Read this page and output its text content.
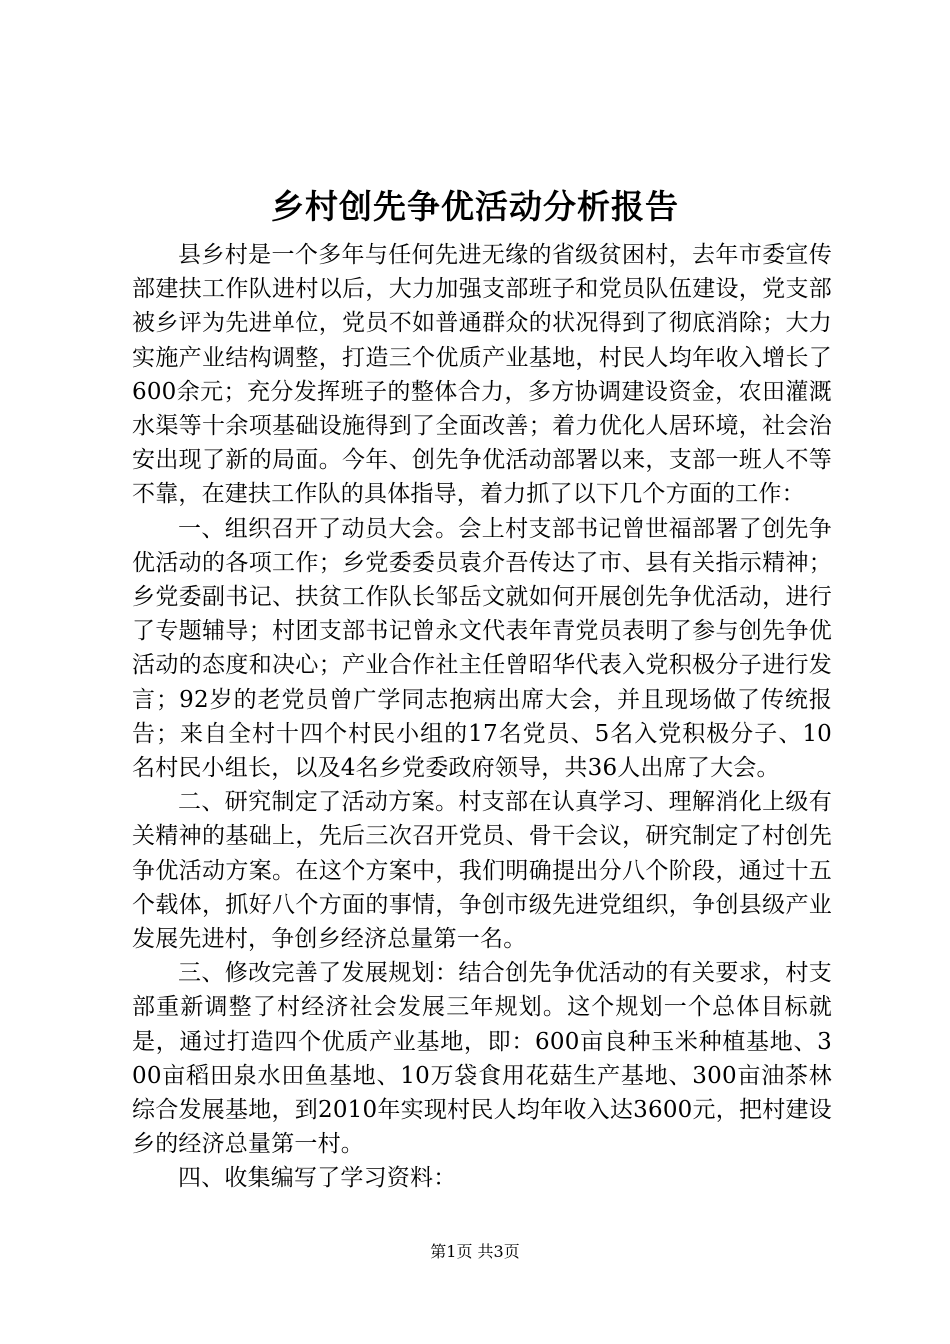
乡村创先争优活动分析报告

县乡村是一个多年与任何先进无缘的省级贫困村，去年市委宣传部建扶工作队进村以后，大力加强支部班子和党员队伍建设，党支部被乡评为先进单位，党员不如普通群众的状况得到了彻底消除；大力实施产业结构调整，打造三个优质产业基地，村民人均年收入增长了600余元；充分发挥班子的整体合力，多方协调建设资金，农田灌溉水渠等十余项基础设施得到了全面改善；着力优化人居环境，社会治安出现了新的局面。今年、创先争优活动部署以来，支部一班人不等不靠，在建扶工作队的具体指导，着力抓了以下几个方面的工作：

一、组织召开了动员大会。会上村支部书记曾世福部署了创先争优活动的各项工作；乡党委委员袁介吾传达了市、县有关指示精神；乡党委副书记、扶贫工作队长邹岳文就如何开展创先争优活动，进行了专题辅导；村团支部书记曾永文代表年青党员表明了参与创先争优活动的态度和决心；产业合作社主任曾昭华代表入党积极分子进行发言；92岁的老党员曾广学同志抱病出席大会，并且现场做了传统报告；来自全村十四个村民小组的17名党员、5名入党积极分子、10名村民小组长，以及4名乡党委政府领导，共36人出席了大会。

二、研究制定了活动方案。村支部在认真学习、理解消化上级有关精神的基础上，先后三次召开党员、骨干会议，研究制定了村创先争优活动方案。在这个方案中，我们明确提出分八个阶段，通过十五个载体，抓好八个方面的事情，争创市级先进党组织，争创县级产业发展先进村，争创乡经济总量第一名。

三、修改完善了发展规划：结合创先争优活动的有关要求，村支部重新调整了村经济社会发展三年规划。这个规划一个总体目标就是，通过打造四个优质产业基地，即：600亩良种玉米种植基地、300亩稻田泉水田鱼基地、10万袋食用花菇生产基地、300亩油茶林综合发展基地，到2010年实现村民人均年收入达3600元，把村建设乡的经济总量第一村。

四、收集编写了学习资料：

第1页 共3页
